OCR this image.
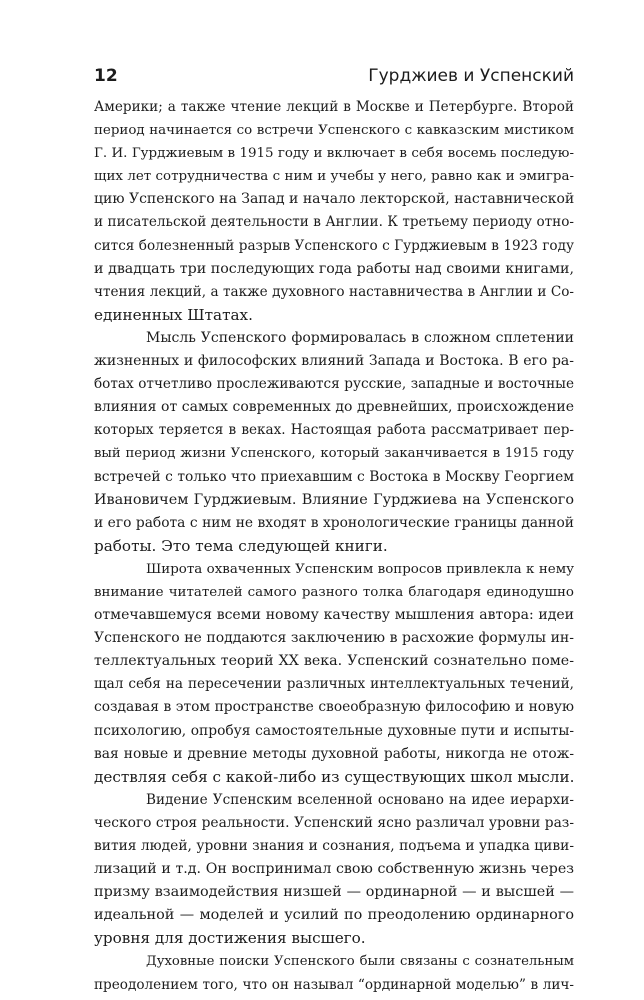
12	Гурджиев и Успенский
Америки; а также чтение лекций в Москве и Петербурге. Второй
период начинается со встречи Успенского с кавказским мистиком
Г. И. Гурджиевым в 1915 году и включает в себя восемь последую-
щих лет сотрудничества с ним и учебы у него, равно как и эмигра-
цию Успенского на Запад и начало лекторской, наставнической
и писательской деятельности в Англии. К третьему периоду отно-
сится болезненный разрыв Успенского с Гурджиевым в 1923 году
и двадцать три последующих года работы над своими книгами,
чтения лекций, а также духовного наставничества в Англии и Со-
единенных Штатах.
Мысль Успенского формировалась в сложном сплетении
жизненных и философских влияний Запада и Востока. В его ра-
ботах отчетливо прослеживаются русские, западные и восточные
влияния от самых современных до древнейших, происхождение
которых теряется в веках. Настоящая работа рассматривает пер-
вый период жизни Успенского, который заканчивается в 1915 году
встречей с только что приехавшим с Востока в Москву Георгием
Ивановичем Гурджиевым. Влияние Гурджиева на Успенского
и его работа с ним не входят в хронологические границы данной
работы. Это тема следующей книги.
Широта охваченных Успенским вопросов привлекла к нему
внимание читателей самого разного толка благодаря единодушно
отмечавшемуся всеми новому качеству мышления автора: идеи
Успенского не поддаются заключению в расхожие формулы ин-
теллектуальных теорий XX века. Успенский сознательно поме-
щал себя на пересечении различных интеллектуальных течений,
создавая в этом пространстве своеобразную философию и новую
психологию, опробуя самостоятельные духовные пути и испыты-
вая новые и древние методы духовной работы, никогда не отож-
дествляя себя с какой-либо из существующих школ мысли.
Видение Успенским вселенной основано на идее иерархи-
ческого строя реальности. Успенский ясно различал уровни раз-
вития людей, уровни знания и сознания, подъема и упадка циви-
лизаций и т.д. Он воспринимал свою собственную жизнь через
призму взаимодействия низшей — ординарной — и высшей —
идеальной — моделей и усилий по преодолению ординарного
уровня для достижения высшего.
Духовные поиски Успенского были связаны с сознательным
преодолением того, что он называл “ординарной моделью” в лич-
